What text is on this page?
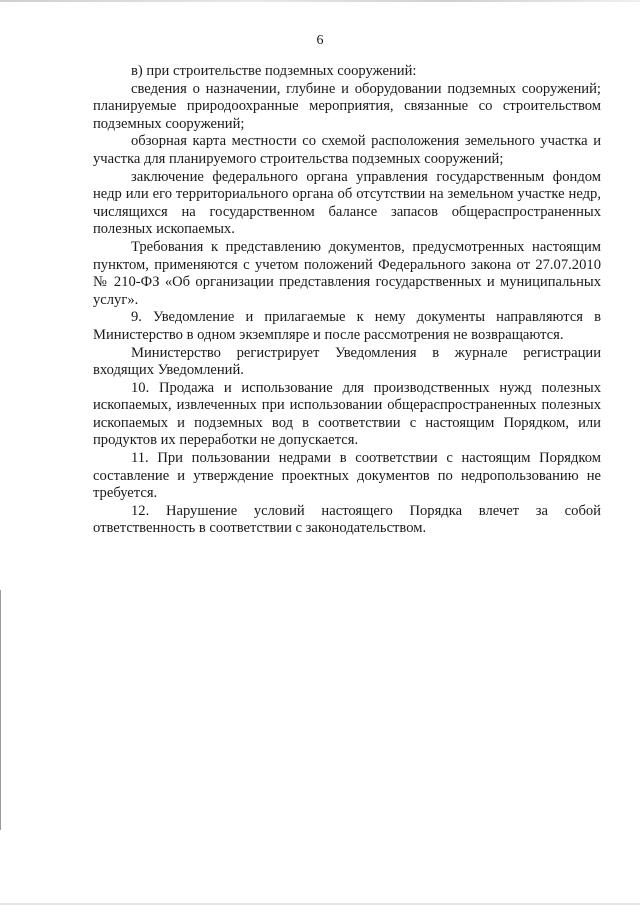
6

в) при строительстве подземных сооружений:

сведения о назначении, глубине и оборудовании подземных сооружений; планируемые природоохранные мероприятия, связанные со строительством подземных сооружений;

обзорная карта местности со схемой расположения земельного участка и участка для планируемого строительства подземных сооружений;

заключение федерального органа управления государственным фондом недр или его территориального органа об отсутствии на земельном участке недр, числящихся на государственном балансе запасов общераспространенных полезных ископаемых.

Требования к представлению документов, предусмотренных настоящим пунктом, применяются с учетом положений Федерального закона от 27.07.2010 № 210-ФЗ «Об организации представления государственных и муниципальных услуг».

9. Уведомление и прилагаемые к нему документы направляются в Министерство в одном экземпляре и после рассмотрения не возвращаются.

Министерство регистрирует Уведомления в журнале регистрации входящих Уведомлений.

10. Продажа и использование для производственных нужд полезных ископаемых, извлеченных при использовании общераспространенных полезных ископаемых и подземных вод в соответствии с настоящим Порядком, или продуктов их переработки не допускается.

11. При пользовании недрами в соответствии с настоящим Порядком составление и утверждение проектных документов по недропользованию не требуется.

12. Нарушение условий настоящего Порядка влечет за собой ответственность в соответствии с законодательством.
